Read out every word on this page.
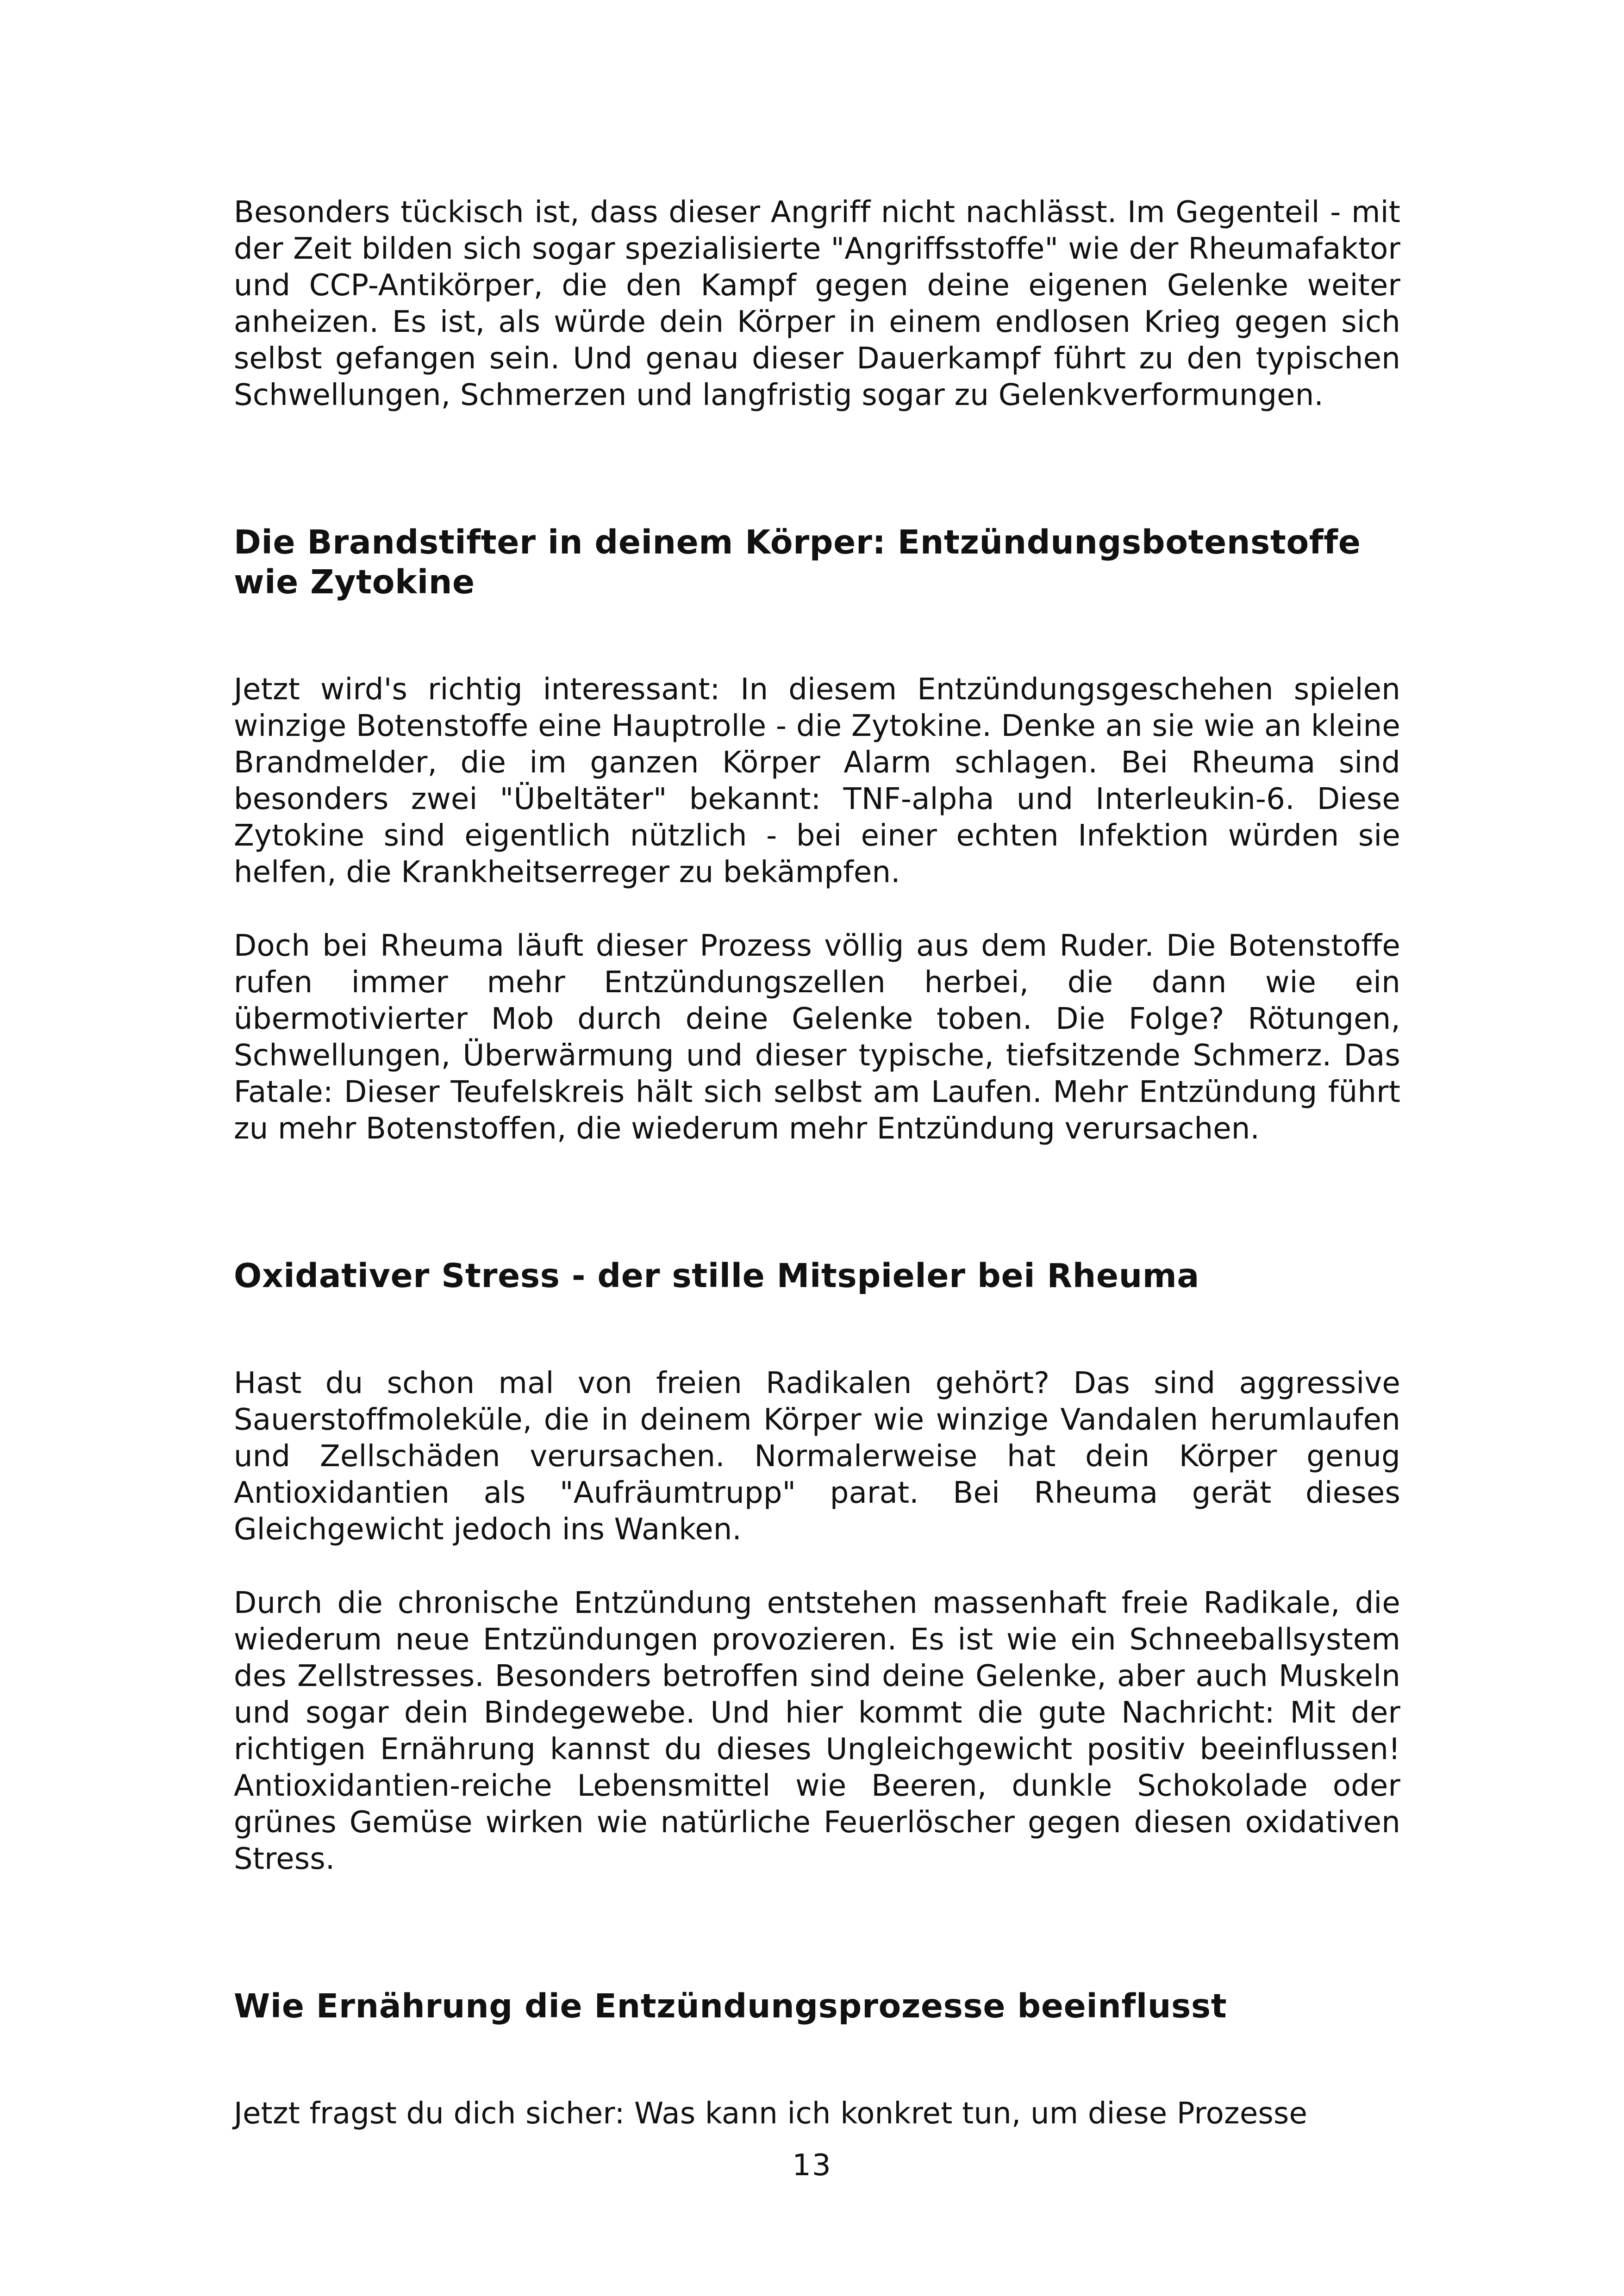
Besonders tückisch ist, dass dieser Angriff nicht nachlässt. Im Gegenteil - mit der Zeit bilden sich sogar spezialisierte "Angriffsstoffe" wie der Rheumafaktor und CCP-Antikörper, die den Kampf gegen deine eigenen Gelenke weiter anheizen. Es ist, als würde dein Körper in einem endlosen Krieg gegen sich selbst gefangen sein. Und genau dieser Dauerkampf führt zu den typischen Schwellungen, Schmerzen und langfristig sogar zu Gelenkverformungen.

Die Brandstifter in deinem Körper: Entzündungsbotenstoffe wie Zytokine

Jetzt wird's richtig interessant: In diesem Entzündungsgeschehen spielen winzige Botenstoffe eine Hauptrolle - die Zytokine. Denke an sie wie an kleine Brandmelder, die im ganzen Körper Alarm schlagen. Bei Rheuma sind besonders zwei "Übeltäter" bekannt: TNF-alpha und Interleukin-6. Diese Zytokine sind eigentlich nützlich - bei einer echten Infektion würden sie helfen, die Krankheitserreger zu bekämpfen.

Doch bei Rheuma läuft dieser Prozess völlig aus dem Ruder. Die Botenstoffe rufen immer mehr Entzündungszellen herbei, die dann wie ein übermotivierter Mob durch deine Gelenke toben. Die Folge? Rötungen, Schwellungen, Überwärmung und dieser typische, tiefsitzende Schmerz. Das Fatale: Dieser Teufelskreis hält sich selbst am Laufen. Mehr Entzündung führt zu mehr Botenstoffen, die wiederum mehr Entzündung verursachen.

Oxidativer Stress - der stille Mitspieler bei Rheuma

Hast du schon mal von freien Radikalen gehört? Das sind aggressive Sauerstoffmoleküle, die in deinem Körper wie winzige Vandalen herumlaufen und Zellschäden verursachen. Normalerweise hat dein Körper genug Antioxidantien als "Aufräumtrupp" parat. Bei Rheuma gerät dieses Gleichgewicht jedoch ins Wanken.

Durch die chronische Entzündung entstehen massenhaft freie Radikale, die wiederum neue Entzündungen provozieren. Es ist wie ein Schneeballsystem des Zellstresses. Besonders betroffen sind deine Gelenke, aber auch Muskeln und sogar dein Bindegewebe. Und hier kommt die gute Nachricht: Mit der richtigen Ernährung kannst du dieses Ungleichgewicht positiv beeinflussen! Antioxidantien-reiche Lebensmittel wie Beeren, dunkle Schokolade oder grünes Gemüse wirken wie natürliche Feuerlöscher gegen diesen oxidativen Stress.

Wie Ernährung die Entzündungsprozesse beeinflusst

Jetzt fragst du dich sicher: Was kann ich konkret tun, um diese Prozesse

13
